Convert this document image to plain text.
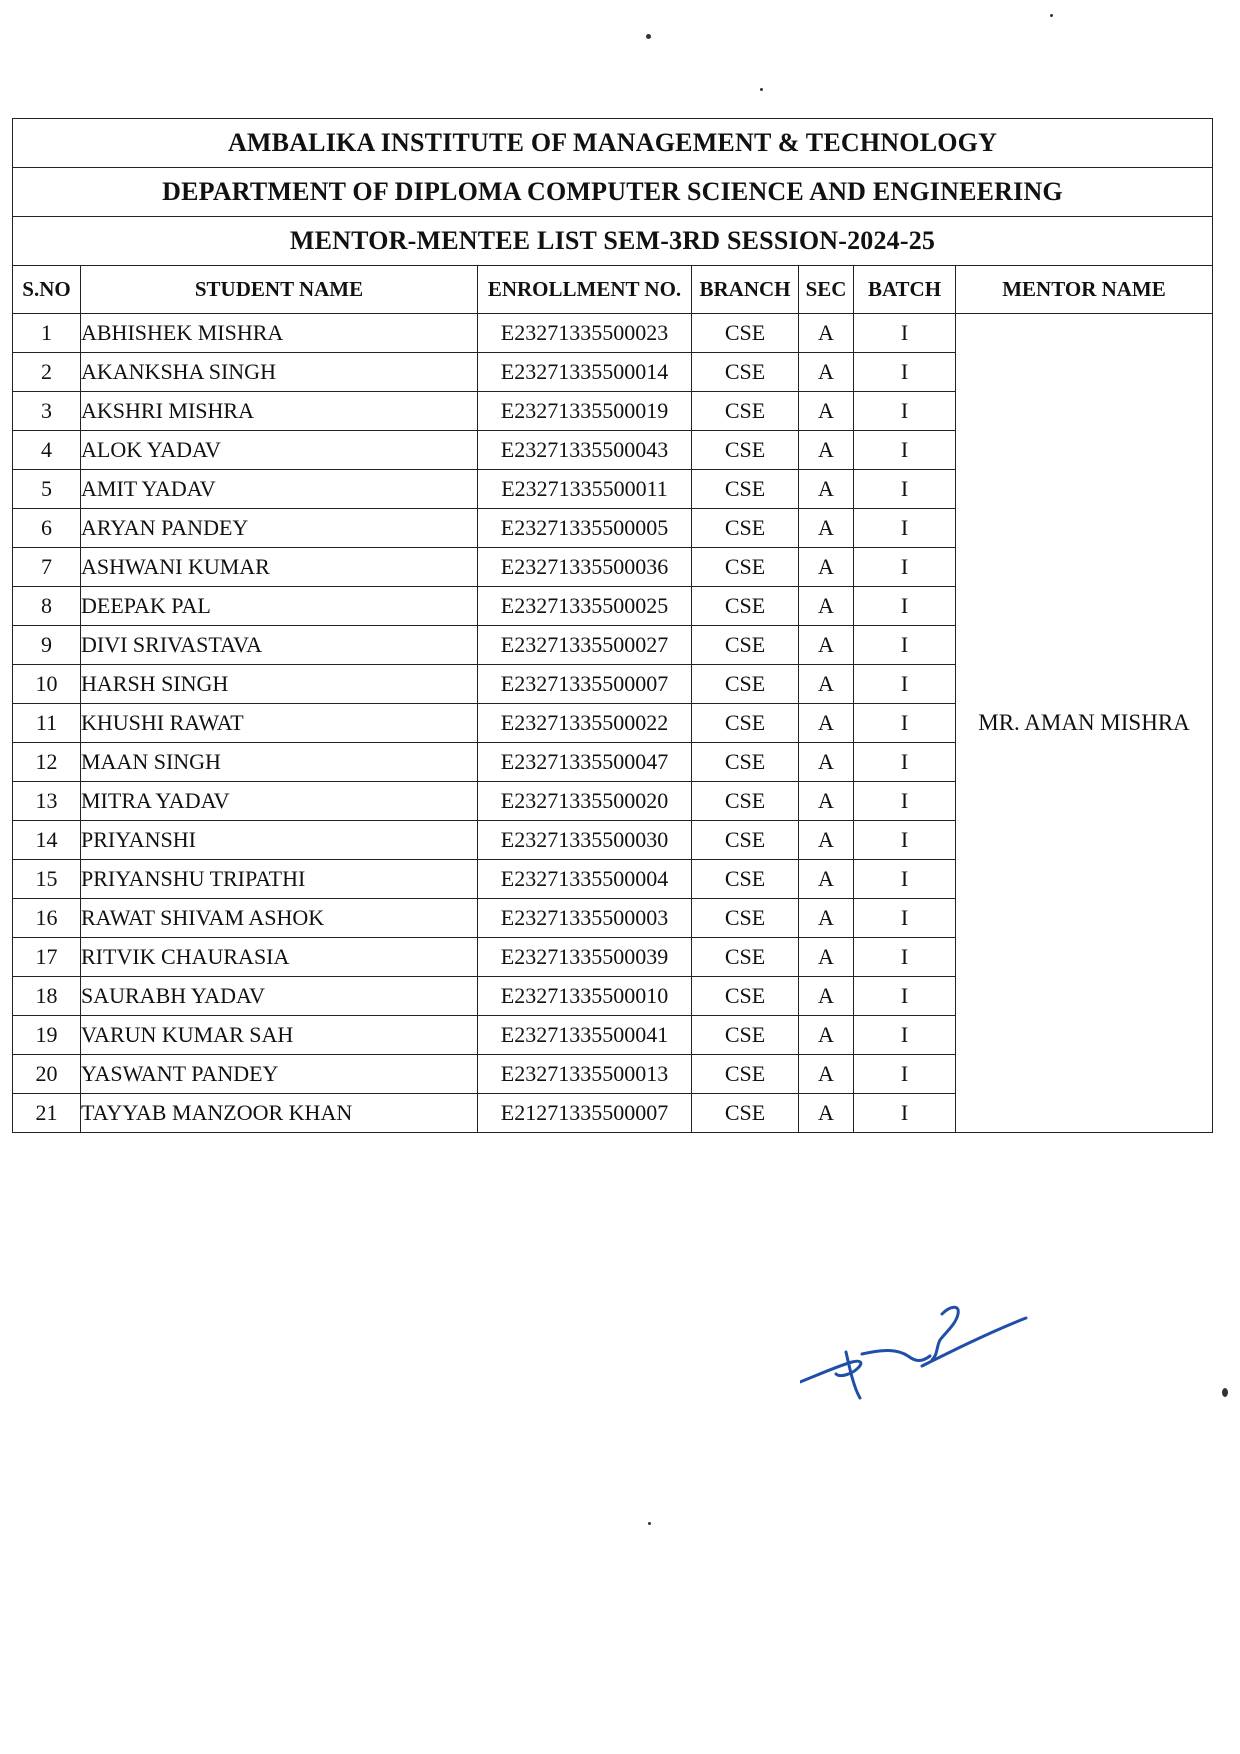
AMBALIKA INSTITUTE OF MANAGEMENT & TECHNOLOGY						
DEPARTMENT OF DIPLOMA COMPUTER SCIENCE AND ENGINEERING						
MENTOR-MENTEE LIST SEM-3RD SESSION-2024-25						
S.NO	STUDENT NAME	ENROLLMENT NO.	BRANCH	SEC	BATCH	MENTOR NAME
1	ABHISHEK MISHRA	E23271335500023	CSE	A	I	MR. AMAN MISHRA
2	AKANKSHA SINGH	E23271335500014	CSE	A	I	
3	AKSHRI MISHRA	E23271335500019	CSE	A	I	
4	ALOK YADAV	E23271335500043	CSE	A	I	
5	AMIT YADAV	E23271335500011	CSE	A	I	
6	ARYAN PANDEY	E23271335500005	CSE	A	I	
7	ASHWANI KUMAR	E23271335500036	CSE	A	I	
8	DEEPAK PAL	E23271335500025	CSE	A	I	
9	DIVI SRIVASTAVA	E23271335500027	CSE	A	I	
10	HARSH SINGH	E23271335500007	CSE	A	I	
11	KHUSHI RAWAT	E23271335500022	CSE	A	I	
12	MAAN SINGH	E23271335500047	CSE	A	I	
13	MITRA YADAV	E23271335500020	CSE	A	I	
14	PRIYANSHI	E23271335500030	CSE	A	I	
15	PRIYANSHU TRIPATHI	E23271335500004	CSE	A	I	
16	RAWAT SHIVAM ASHOK	E23271335500003	CSE	A	I	
17	RITVIK CHAURASIA	E23271335500039	CSE	A	I	
18	SAURABH YADAV	E23271335500010	CSE	A	I	
19	VARUN KUMAR SAH	E23271335500041	CSE	A	I	
20	YASWANT PANDEY	E23271335500013	CSE	A	I	
21	TAYYAB MANZOOR KHAN	E21271335500007	CSE	A	I	
